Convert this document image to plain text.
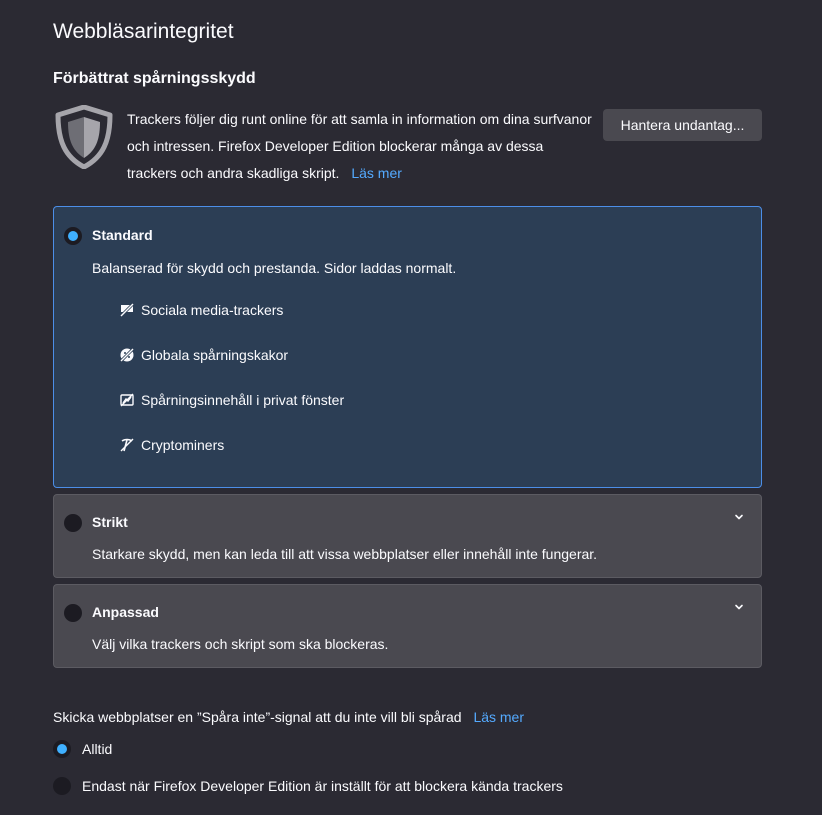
Webbläsarintegritet
Förbättrat spårningsskydd
Trackers följer dig runt online för att samla in information om dina surfvanor och intressen. Firefox Developer Edition blockerar många av dessa trackers och andra skadliga skript. Läs mer
Hantera undantag...
Standard
Balanserad för skydd och prestanda. Sidor laddas normalt.
Sociala media-trackers
Globala spårningskakor
Spårningsinnehåll i privat fönster
Cryptominers
Strikt
Starkare skydd, men kan leda till att vissa webbplatser eller innehåll inte fungerar.
Anpassad
Välj vilka trackers och skript som ska blockeras.
Skicka webbplatser en ”Spåra inte”-signal att du inte vill bli spårad Läs mer
Alltid
Endast när Firefox Developer Edition är inställt för att blockera kända trackers
